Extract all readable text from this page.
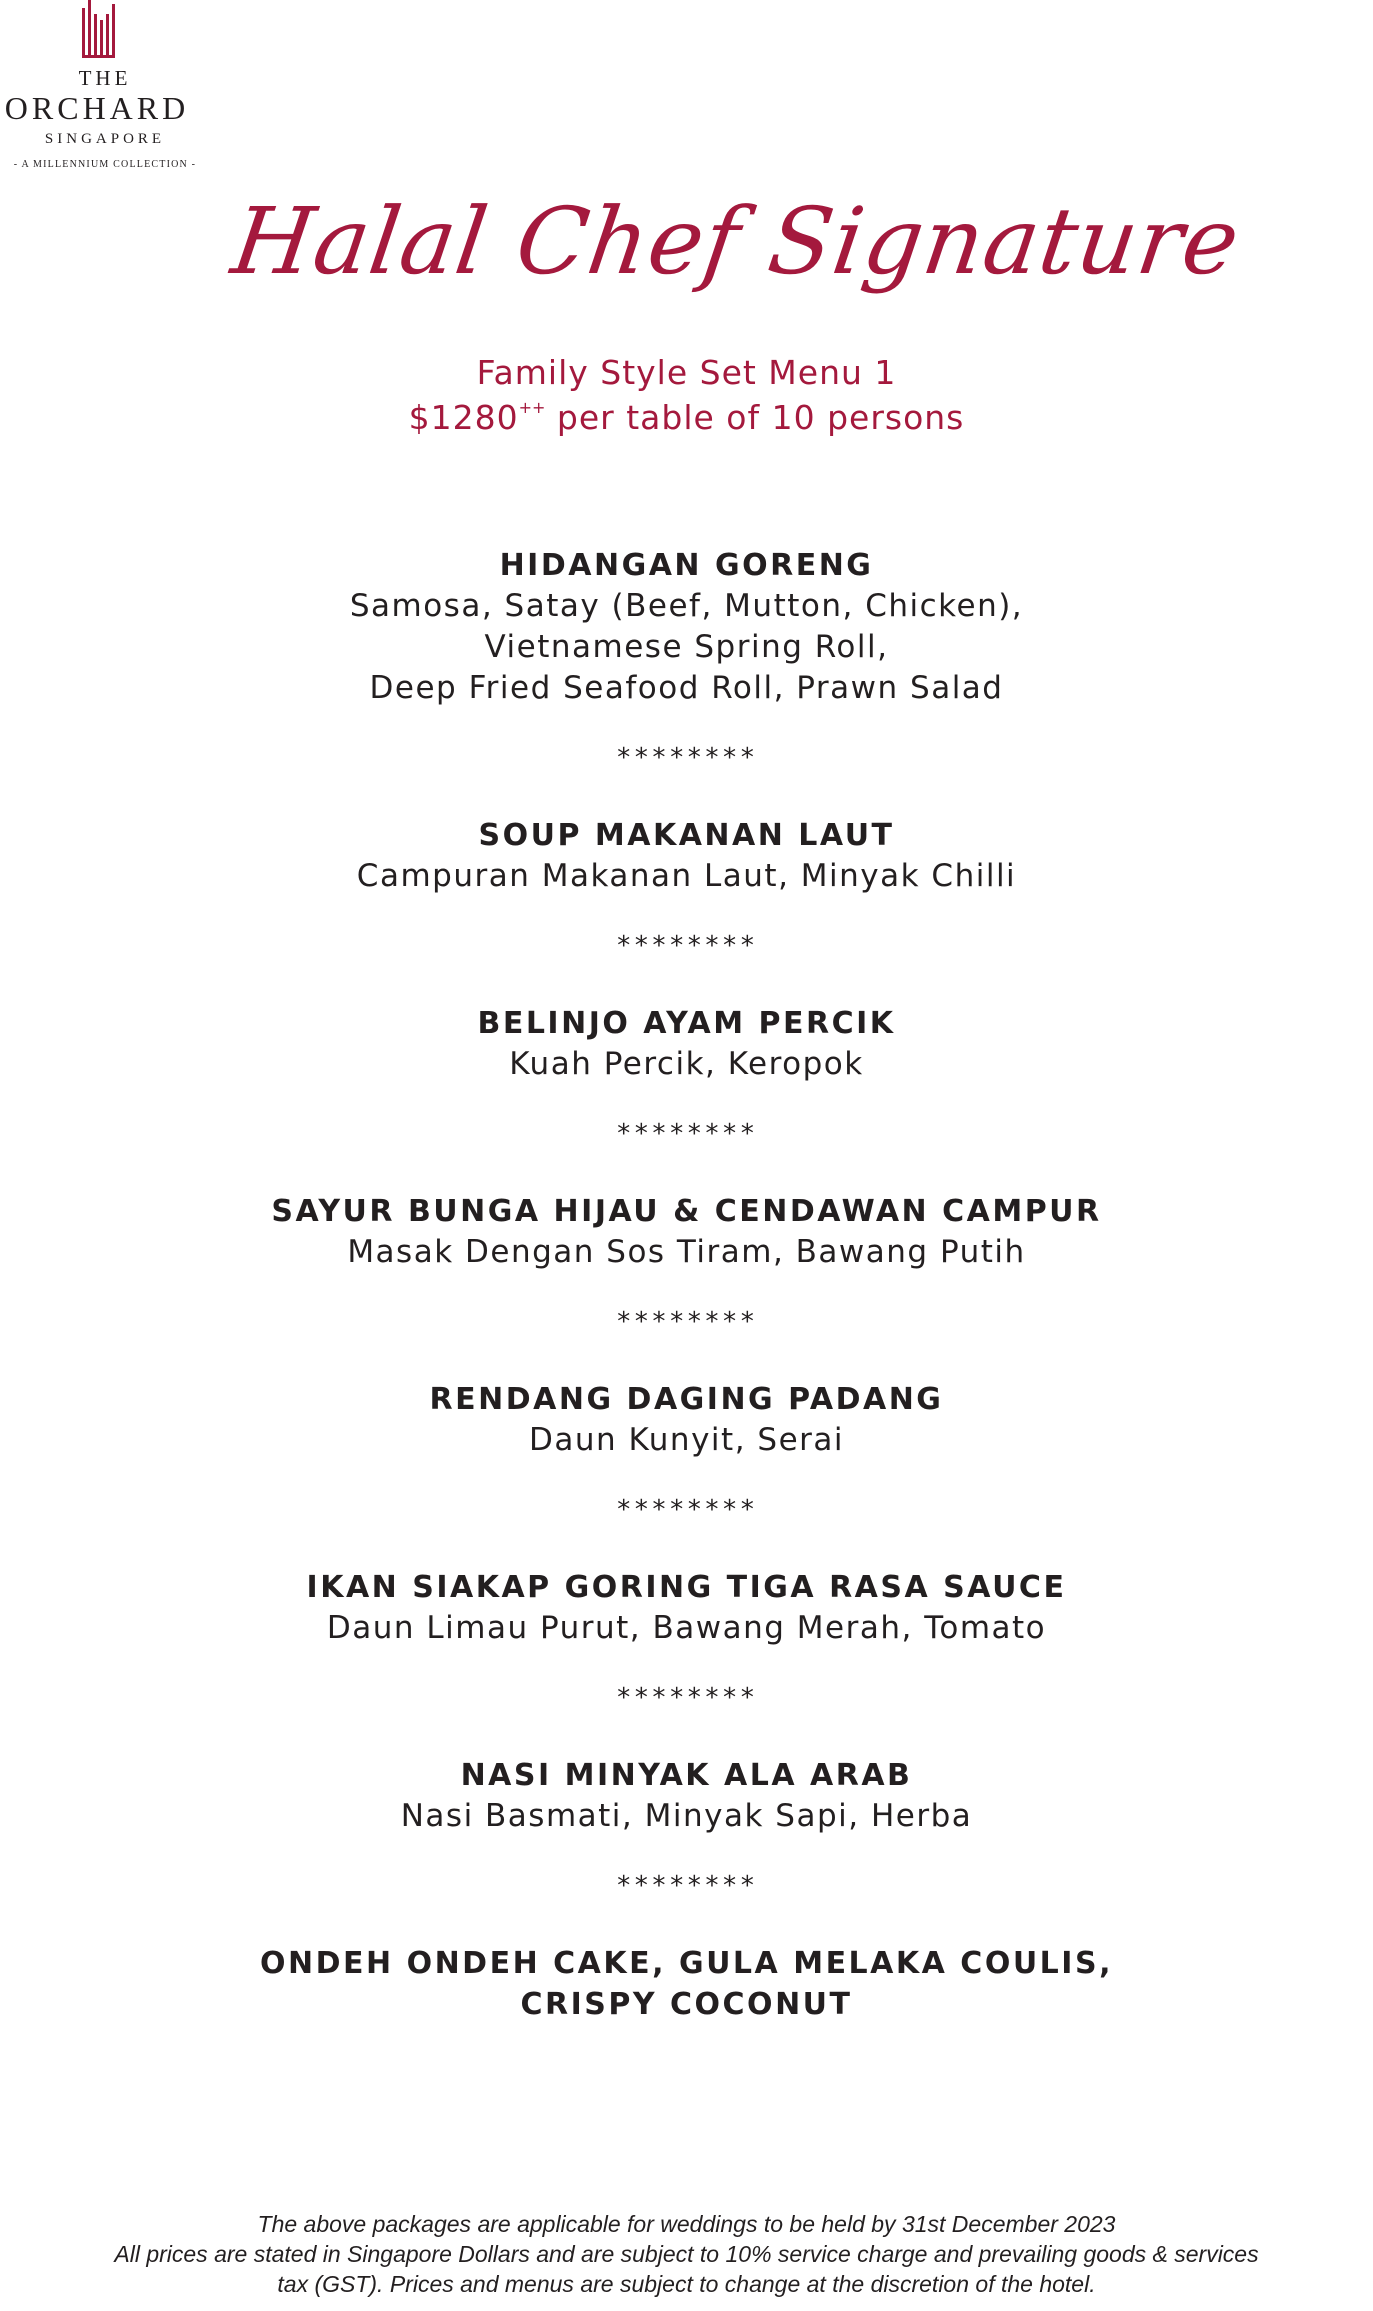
THE
ORCHARD
SINGAPORE
- A MILLENNIUM COLLECTION -
Halal Chef Signature
Family Style Set Menu 1
$1280++ per table of 10 persons
HIDANGAN GORENG
Samosa, Satay (Beef, Mutton, Chicken),
Vietnamese Spring Roll,
Deep Fried Seafood Roll, Prawn Salad
********
SOUP MAKANAN LAUT
Campuran Makanan Laut, Minyak Chilli
********
BELINJO AYAM PERCIK
Kuah Percik, Keropok
********
SAYUR BUNGA HIJAU & CENDAWAN CAMPUR
Masak Dengan Sos Tiram, Bawang Putih
********
RENDANG DAGING PADANG
Daun Kunyit, Serai
********
IKAN SIAKAP GORING TIGA RASA SAUCE
Daun Limau Purut, Bawang Merah, Tomato
********
NASI MINYAK ALA ARAB
Nasi Basmati, Minyak Sapi, Herba
********
ONDEH ONDEH CAKE, GULA MELAKA COULIS,
CRISPY COCONUT
The above packages are applicable for weddings to be held by 31st December 2023
All prices are stated in Singapore Dollars and are subject to 10% service charge and prevailing goods & services
tax (GST). Prices and menus are subject to change at the discretion of the hotel.
